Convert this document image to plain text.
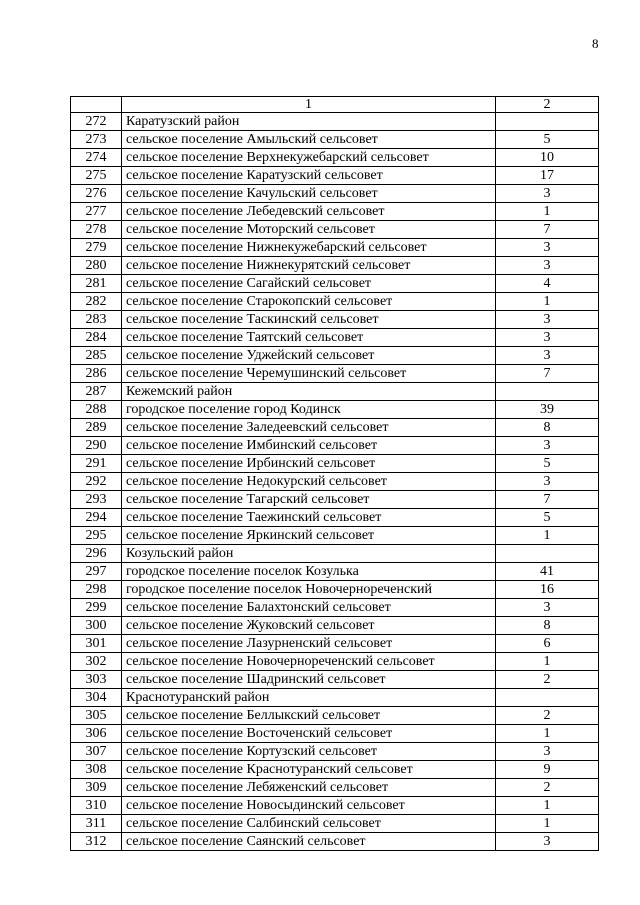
8
	1	2
272	Каратузский район	
273	сельское поселение Амыльский сельсовет	5
274	сельское поселение Верхнекужебарский сельсовет	10
275	сельское поселение Каратузский сельсовет	17
276	сельское поселение Качульский сельсовет	3
277	сельское поселение Лебедевский сельсовет	1
278	сельское поселение Моторский сельсовет	7
279	сельское поселение Нижнекужебарский сельсовет	3
280	сельское поселение Нижнекурятский сельсовет	3
281	сельское поселение Сагайский сельсовет	4
282	сельское поселение Старокопский сельсовет	1
283	сельское поселение Таскинский сельсовет	3
284	сельское поселение Таятский сельсовет	3
285	сельское поселение Уджейский сельсовет	3
286	сельское поселение Черемушинский сельсовет	7
287	Кежемский район	
288	городское поселение город Кодинск	39
289	сельское поселение Заледеевский сельсовет	8
290	сельское поселение Имбинский сельсовет	3
291	сельское поселение Ирбинский сельсовет	5
292	сельское поселение Недокурский сельсовет	3
293	сельское поселение Тагарский сельсовет	7
294	сельское поселение Таежинский сельсовет	5
295	сельское поселение Яркинский сельсовет	1
296	Козульский район	
297	городское поселение поселок Козулька	41
298	городское поселение поселок Новочернореченский	16
299	сельское поселение Балахтонский сельсовет	3
300	сельское поселение Жуковский сельсовет	8
301	сельское поселение Лазурненский сельсовет	6
302	сельское поселение Новочернореченский сельсовет	1
303	сельское поселение Шадринский сельсовет	2
304	Краснотуранский район	
305	сельское поселение Беллыкский сельсовет	2
306	сельское поселение Восточенский сельсовет	1
307	сельское поселение Кортузский сельсовет	3
308	сельское поселение Краснотуранский сельсовет	9
309	сельское поселение Лебяженский сельсовет	2
310	сельское поселение Новосыдинский сельсовет	1
311	сельское поселение Салбинский сельсовет	1
312	сельское поселение Саянский сельсовет	3
